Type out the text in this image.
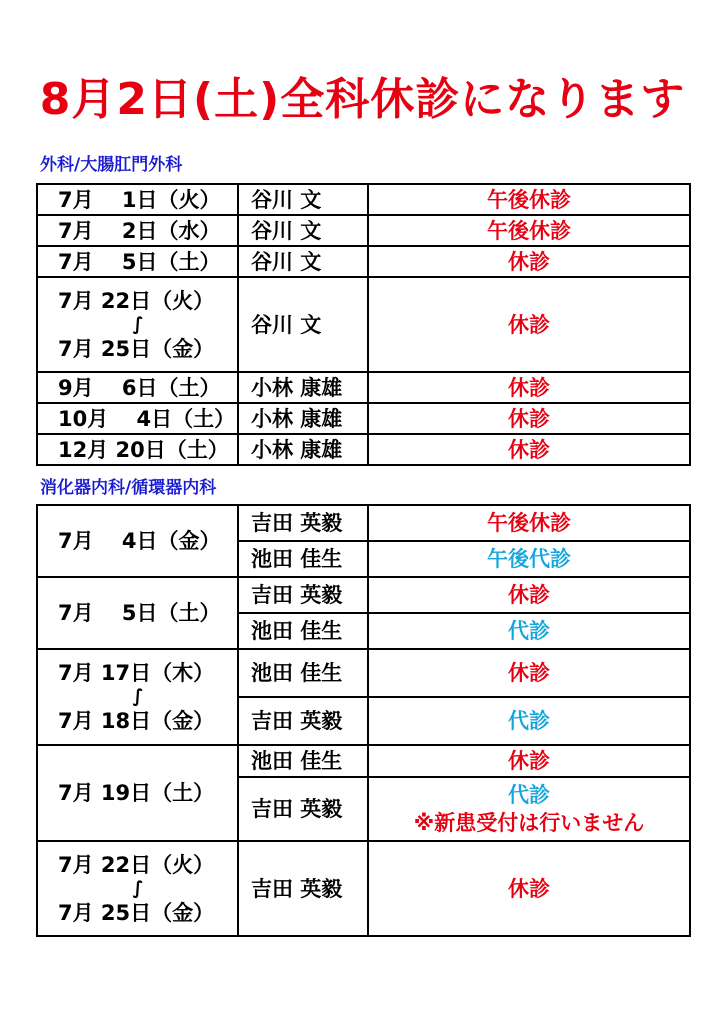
8月2日(土)全科休診になります
外科/大腸肛門外科
7月　 1日（火）	谷川 文	午後休診
7月　 2日（水）	谷川 文	午後休診
7月　 5日（土）	谷川 文	休診

7月 22日（火）
∫
7月 25日（金）	谷川 文	休診
9月　 6日（土）	小林 康雄	休診
10月　 4日（土）	小林 康雄	休診
12月 20日（土）	小林 康雄	休診
消化器内科/循環器内科
7月　 4日（金）	吉田 英毅	午後休診
	池田 佳生	午後代診
7月　 5日（土）	吉田 英毅	休診
	池田 佳生	代診

7月 17日（木）
∫
7月 18日（金）	池田 佳生	休診
	吉田 英毅	代診
7月 19日（土）	池田 佳生	休診
	吉田 英毅	代診
※新患受付は行いません

7月 22日（火）
∫
7月 25日（金）	吉田 英毅	休診
